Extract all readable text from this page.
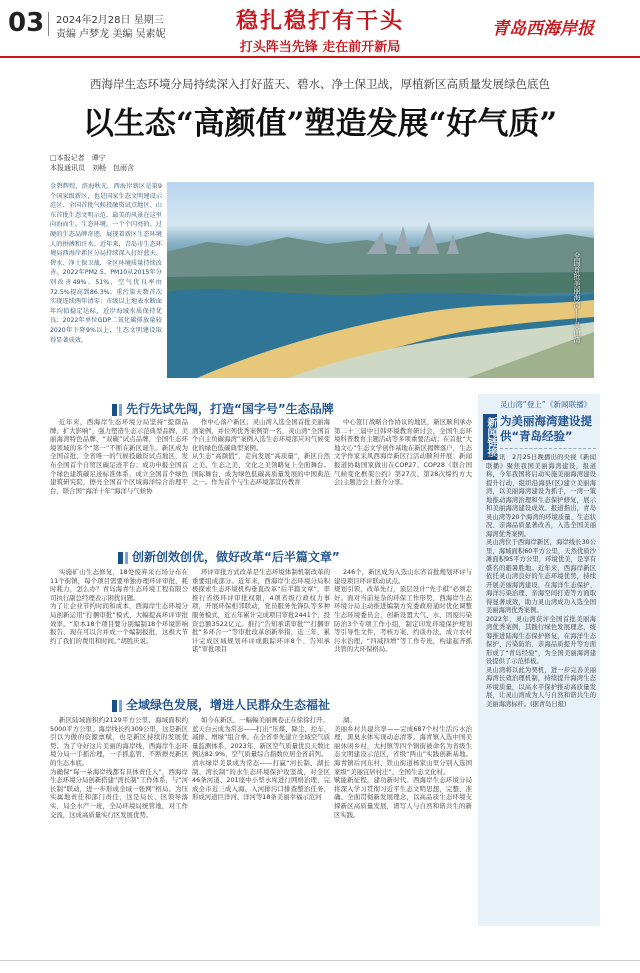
03 2024年2月28日 星期三
责编 卢梦龙 美编 吴素妮
稳扎稳打有干头
打头阵当先锋 走在前开新局
青岛西海岸报
西海岸生态环境分局持续深入打好蓝天、碧水、净土保卫战，厚植新区高质量发展绿色底色
以生态“高颜值”塑造发展“好气质”
□本报记者　谭宁
本报通讯员　刘畅　包雨含
金碧辉煌，滨海秋光。西海岸新区是第9个国家级新区，也是国家生态文明建设示范区、全国首批气候投融资试点地区、山东首批生态文明示范、最美的风景在这里向海而生、生态环境。一个个闪亮的、过硬的生态品牌奇迹，展现着新区生态环境人的拼搏和汗水。近年来，青岛市生态环境局西海岸新区分局持续深入打好蓝天、碧水、净土保卫战，全区环境质量持续改善。2022年PM2.5、PM10从2015年分别改善49%、51%，空气优良率由72.5%提高到86.3%；重污染天数首次实现连续两年清零；市级以上地表水断面年均值稳定达标，近岸海域水质保持优良；2022年单位GDP二氧化碳排放量较2020年下降9%以上，生态文明建设取得显著成效。	全国首批美丽海湾——灵山湾
先行先试先闯，打造“国字号”生态品牌

近年来，西海岸生态环境分局坚持“提颜品牌、扩大影响”，强力塑造生态示范典型品牌、美丽海湾特色品牌、“双碳”试点品牌，全国生态环境领域的多个“第一”不断在新区诞生。新区成为全国首批、全省唯一的气候投融资试点地区，发布全国首个自贸区碳足迹平台；成功申报全国首个绿色建筑碳足迹标准体系，成立全国首个绿色建筑研究院，擦亮全国首个区域海洋综合治理平台，联合国“海洋十年”海洋与气候协

作中心落户新区；灵山湾入选全国首批美丽海湾案例，并位列优秀案例第一名，灵山湾“全国首个自主负碳海湾”案例入选生态环境部应对气候变化的绿色低碳典型案例。
从生态“高颜值”，走向发展“高质量”，新区自然之美、生态之美、文化之美领略复上全面舞台。国际舞台，成为绿色低碳高质量发展的中国典范之一。作为首个与生态环境部宣传教育

中心签订战略合作协议的地区，新区顺利承办第二十三届中日韩环境教育研讨会，全国生态环境科普教育主题活动等多项重要活动；在首批“大地文心”生态文学创作基地在新区揭牌落户，生态文学作家采风西海岸新区行活动顺利开展；新闻报道协助国家做出在COP27、COP28《联合国气候变化框架公约》第27次、第28次缔约方大会)主题边会上推介分享。

创新创效创优，做好改革“后半篇文章”

实施矿山生态修复，18处废弃采石场分布在11个街镇，每个项目需要单独办理环评审批，耗时耗力，怎么办？青岛海青生态环境工程有限公司执行副总经理表示困扰问题。
为了让企业节约时间和成本，西海岸生态环境分局创新运用“打捆审批”模式，大幅提高环评审批效率。“原本18个项目要分别编制18个环境影响报告，现在可以合并成一个编制报批，这极大节约了我们的费用和时间。”胡胜庆说。

环评审批方式改革是生态环境体制机制改革的重要组成部分。近年来，西海岸生态环境分局积极探索生态环境机构垂直改革“后半篇文章”，率推行省级环评审批权限，4项省级行政权力事项，开展环保相邻联动，党员服务先锋队等多种服务模式，近五年累计完成项目审批2441个，投资总额3522亿元。推行“告知承诺审批”“打捆审批”多环合一“等审批改革创新举措，近三年，累计完成区域规划环评或跟踪环评8个、告知承诺”审批项目

246个，新区成为入选山东省首批规划环评与建设项目环评联动试点。
规划引领，改革先行，顶层设计“先手棋”必须走好。面对当前复杂的环保工作形势，西海岸生态环境分局主动推进编制方究委政府通时优化调整生态环境委员会，创新设置大气、水、固废污染防治3个专项工作小组，制定印发环境保护规划等引导性文件，考核方案、约谈办法，成立农村污水治理、“四减四增”等工作专班，构建起齐抓共管的大环保格局。

全域绿色发展，增进人民群众生态福祉

新区陆域面积约2129平方公里、海域面积约5000平方公里，海岸线长约309公里，这是新区引以为傲的资源禀赋，也是新区持续的发展优势。为了守好这片美丽的海岸线，西海岸生态环境分局一手抓治理，一手抓监管，不断擦亮新区的生态本底。
为确保“每一朵海岸线都有具体责任人”，西海岸生态环境分局创新搭建“湾长制”工作体系，与“河长制”联动，进一步形成全域一张网”格局。为压实属地责任和部门责任，这是局长、区领导落实，局全水产一班，全局环境局统管地，对工作交流，这成高质量实行区发展优势。

如今在新区，一幅幅美丽画卷正在徐徐打开。
蓝天白云成为常态——打出“压煤、降尘、控车、减排、增绿”组合拳。在全省率先建立全域空气质量监测体系，2023年，新区空气质量优良天数比例达82.9%，空气质量综合指数位居全省前列。
清水绿岸美景成为常态——打赢“河长制、湖长制、湾长制”的水生态环境保护攻坚战，对全区46条河道、201座中小型水库进行网格治理，完成全市近三成入海、入河排污口排查整治任务，形成河道巨洋河、洋河等18条美丽幸福示范河

湖。
美丽乡村共建共享——完成687个村生活污水治理，黑臭水体实现动态清零。海青镇入选中国美丽休闲乡村，大村镇等四个镇街被命名为省级生态文明建设示范区，省级“两山”实践创新基地。海青镇后河东村、铁山街道杨家山里分别入选国家级“美丽宜居村庄”、全国生态文化村。
赋能新征程，建功新时代。西海岸生态环境分局将深入学习贯彻习近平生态文明思想，完整、准确、全面贯彻新发展理念，以高品质生态环境支撑新区高质量发展，谱写人与自然和谐共生的新区实践。

新闻链接
灵山湾“登上”《新闻联播》
为美丽海湾建设提供“青岛经验”
本报讯　2月25日晚播出的央视《新闻联播》聚焦我国美丽海湾建设，报道称，今年我国将启动实施美丽海湾建设提升行动，组织沿海县(区)建立美丽海湾，以美丽海湾建设为抓手，一湾一策地推动海湾治理和生态保护修复，展示和美丽海湾建设成效。报道指出，青岛灵山湾等20个海湾的环境质量、生态状况、亲海品质显著改善，入选全国美丽海湾优秀案例。
灵山湾位于西海岸新区，海岸线长30公里，海域面积60平方公里，天然优质沙滩面积95平方公里，环境优美，是享有盛名的避暑胜地。近年来，西海岸新区依托灵山湾良好的生态环境优势，持续开展美丽海湾建设，在海洋生态保护、海洋污染治理、亲海空间打造等方面取得显著成效，助力灵山湾成功入选全国美丽海湾优秀案例。
2022年，灵山湾获评全国首批美丽海湾优秀案例，其践行绿色发展理念，统筹推进陆海生态保护修复，在海洋生态保护、污染防治、亲海品质提升等方面形成了“青岛经验”，为全国美丽海湾建设提供了示范样板。
灵山湾将以此为契机，进一步完善美丽海湾长效治理机制，持续提升海湾生态环境质量，以高水平保护推动高质量发展，让灵山湾成为人与自然和谐共生的美丽海湾标杆。(据青岛日报)
